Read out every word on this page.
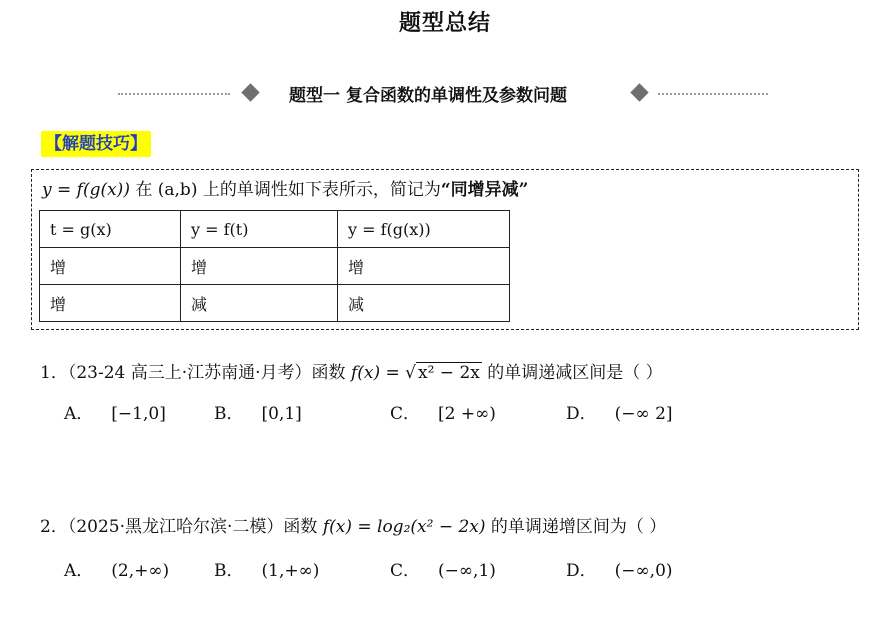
题型总结
题型一 复合函数的单调性及参数问题
【解题技巧】
y = f(g(x)) 在 (a,b) 上的单调性如下表所示，简记为“同增异减”
t = g(x)	y = f(t)	y = f(g(x))
增	增	增
增	减	减
1．（23-24 高三上·江苏南通·月考）函数 f(x) = √ x² − 2x 的单调递减区间是（ ）
A． [−1,0]	B． [0,1]	C． [2 +∞)	D． (−∞ 2]
2．（2025·黑龙江哈尔滨·二模）函数 f(x) = log₂(x² − 2x) 的单调递增区间为（ ）
A． (2,+∞)	B． (1,+∞)	C． (−∞,1)	D． (−∞,0)
